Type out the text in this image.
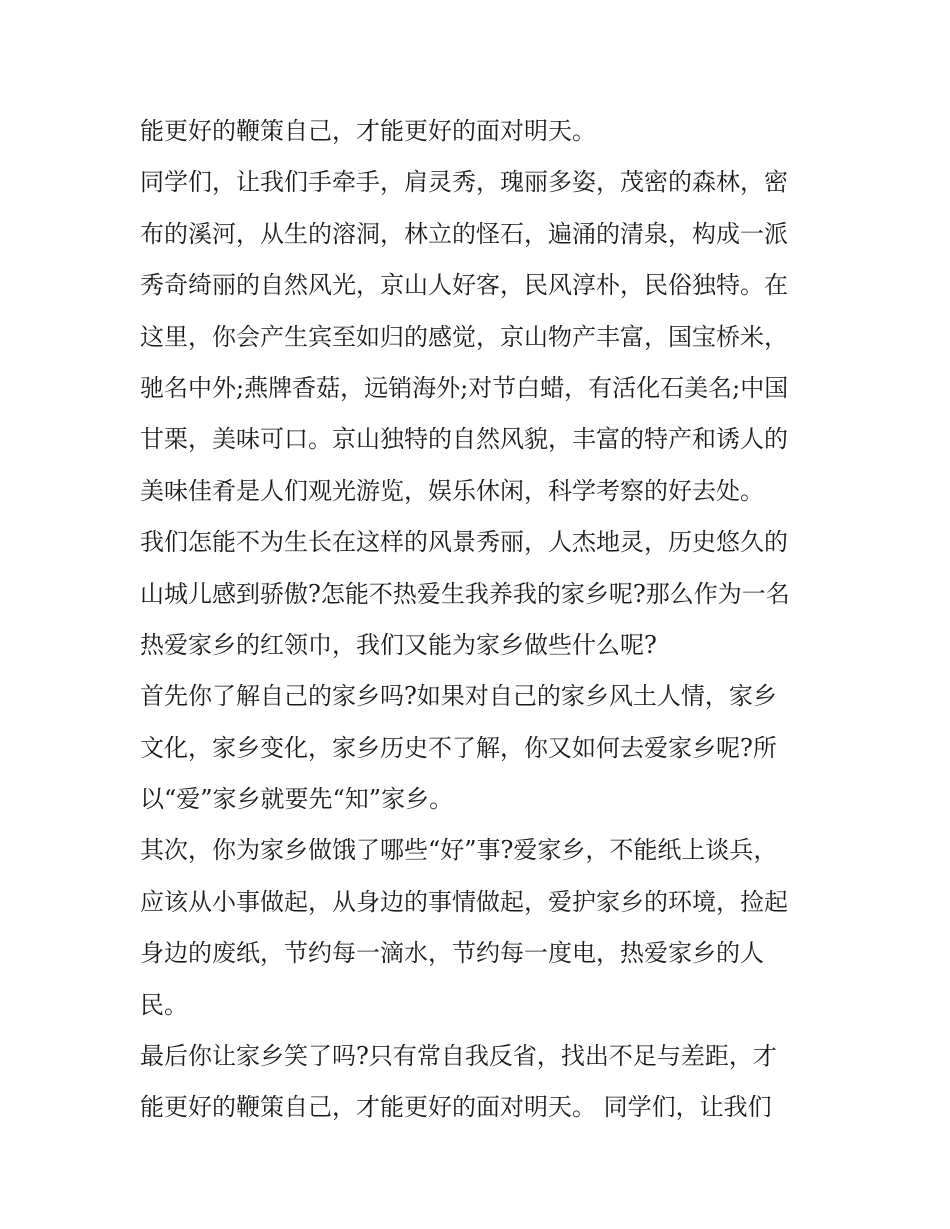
能更好的鞭策自己，才能更好的面对明天。
同学们，让我们手牵手，肩灵秀，瑰丽多姿，茂密的森林，密
布的溪河，从生的溶洞，林立的怪石，遍涌的清泉，构成一派
秀奇绮丽的自然风光，京山人好客，民风淳朴，民俗独特。在
这里，你会产生宾至如归的感觉，京山物产丰富，国宝桥米，
驰名中外;燕牌香菇，远销海外;对节白蜡，有活化石美名;中国
甘栗，美味可口。京山独特的自然风貌，丰富的特产和诱人的
美味佳肴是人们观光游览，娱乐休闲，科学考察的好去处。
我们怎能不为生长在这样的风景秀丽，人杰地灵，历史悠久的
山城儿感到骄傲?怎能不热爱生我养我的家乡呢?那么作为一名
热爱家乡的红领巾，我们又能为家乡做些什么呢?
首先你了解自己的家乡吗?如果对自己的家乡风土人情，家乡
文化，家乡变化，家乡历史不了解，你又如何去爱家乡呢?所
以“爱”家乡就要先“知”家乡。
其次，你为家乡做饿了哪些“好”事?爱家乡，不能纸上谈兵，
应该从小事做起，从身边的事情做起，爱护家乡的环境，捡起
身边的废纸，节约每一滴水，节约每一度电，热爱家乡的人
民。
最后你让家乡笑了吗?只有常自我反省，找出不足与差距，才
能更好的鞭策自己，才能更好的面对明天。 同学们，让我们
